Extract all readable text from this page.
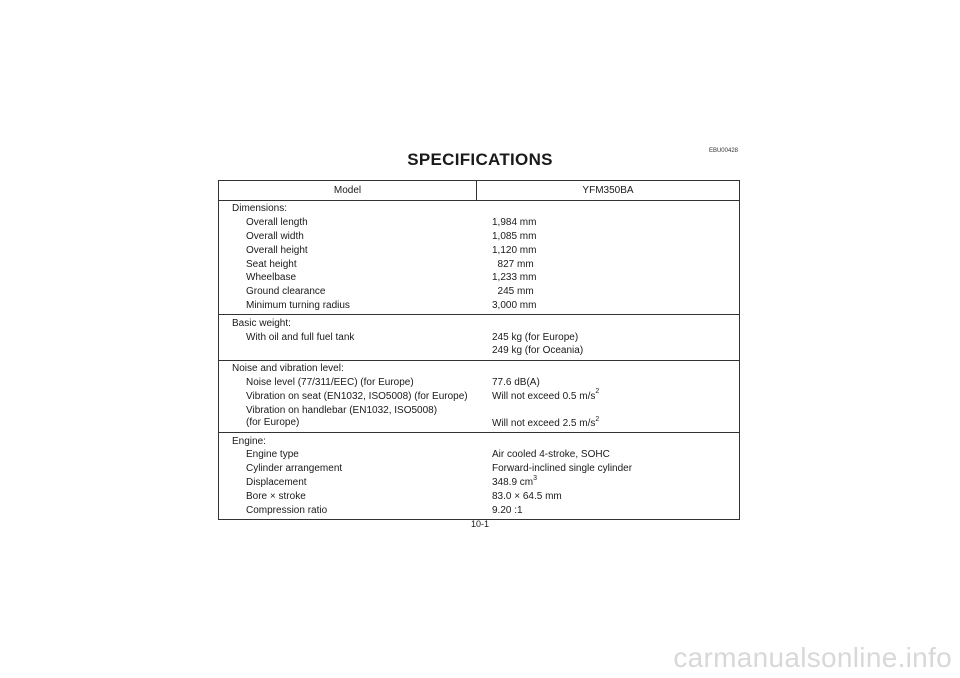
EBU00428
SPECIFICATIONS
Model	YFM350BA
Dimensions:
Overall length	1,984 mm
Overall width	1,085 mm
Overall height	1,120 mm
Seat height	827 mm
Wheelbase	1,233 mm
Ground clearance	245 mm
Minimum turning radius	3,000 mm
Basic weight:
With oil and full fuel tank	245 kg (for Europe)
249 kg (for Oceania)
Noise and vibration level:
Noise level (77/311/EEC) (for Europe)	77.6 dB(A)
Vibration on seat (EN1032, ISO5008) (for Europe)	Will not exceed 0.5 $m/s^2$
Vibration on handlebar (EN1032, ISO5008)
(for Europe)	Will not exceed 2.5 $m/s^2$
Engine:
Engine type	Air cooled 4-stroke, SOHC
Cylinder arrangement	Forward-inclined single cylinder
Displacement	348.9 $cm^3$
Bore × stroke	83.0 × 64.5 mm
Compression ratio	9.20 :1
10-1
carmanualsonline.info
